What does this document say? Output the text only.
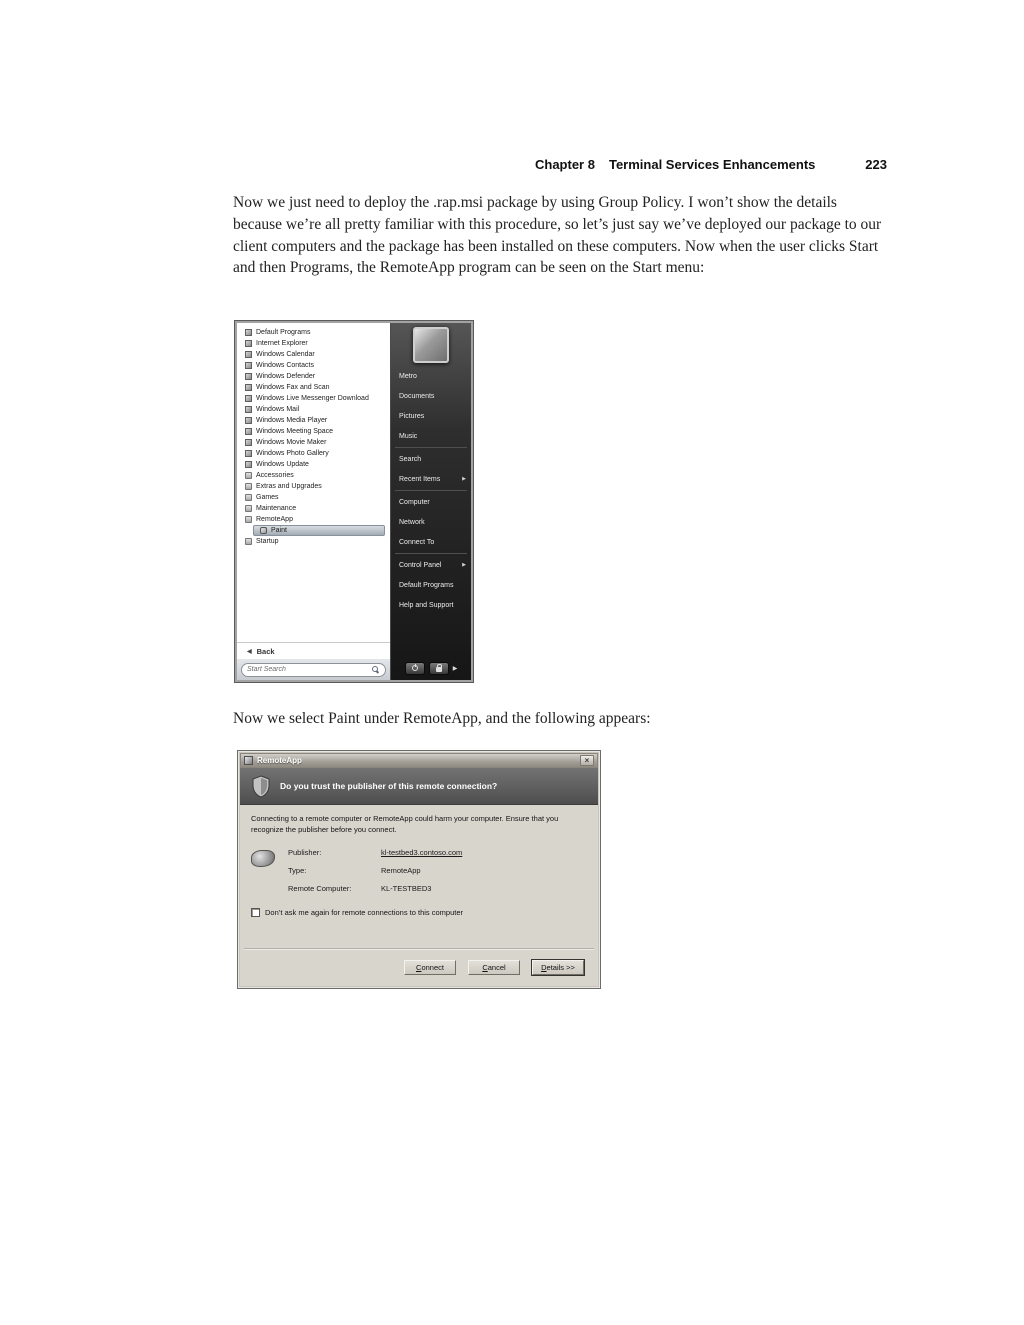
Chapter 8 Terminal Services Enhancements	223

Now we just need to deploy the .rap.msi package by using Group Policy. I won’t show the details because we’re all pretty familiar with this procedure, so let’s just say we’ve deployed our package to our client computers and the package has been installed on these computers. Now when the user clicks Start and then Programs, the RemoteApp program can be seen on the Start menu:

Default Programs
Internet Explorer
Windows Calendar
Windows Contacts
Windows Defender
Windows Fax and Scan
Windows Live Messenger Download
Windows Mail
Windows Media Player
Windows Meeting Space
Windows Movie Maker
Windows Photo Gallery
Windows Update
Accessories
Extras and Upgrades
Games
Maintenance
RemoteApp
Paint
Startup
◀ Back
Start Search
Metro
Documents
Pictures
Music
Search
Recent Items	▶
Computer
Network
Connect To
Control Panel	▶
Default Programs
Help and Support
▶

Now we select Paint under RemoteApp, and the following appears:

RemoteApp	×
Do you trust the publisher of this remote connection?
Connecting to a remote computer or RemoteApp could harm your computer. Ensure that you recognize the publisher before you connect.
Publisher:	kl-testbed3.contoso.com
Type:	RemoteApp
Remote Computer:	KL-TESTBED3
Don’t ask me again for remote connections to this computer
Connect	Cancel	Details >>
